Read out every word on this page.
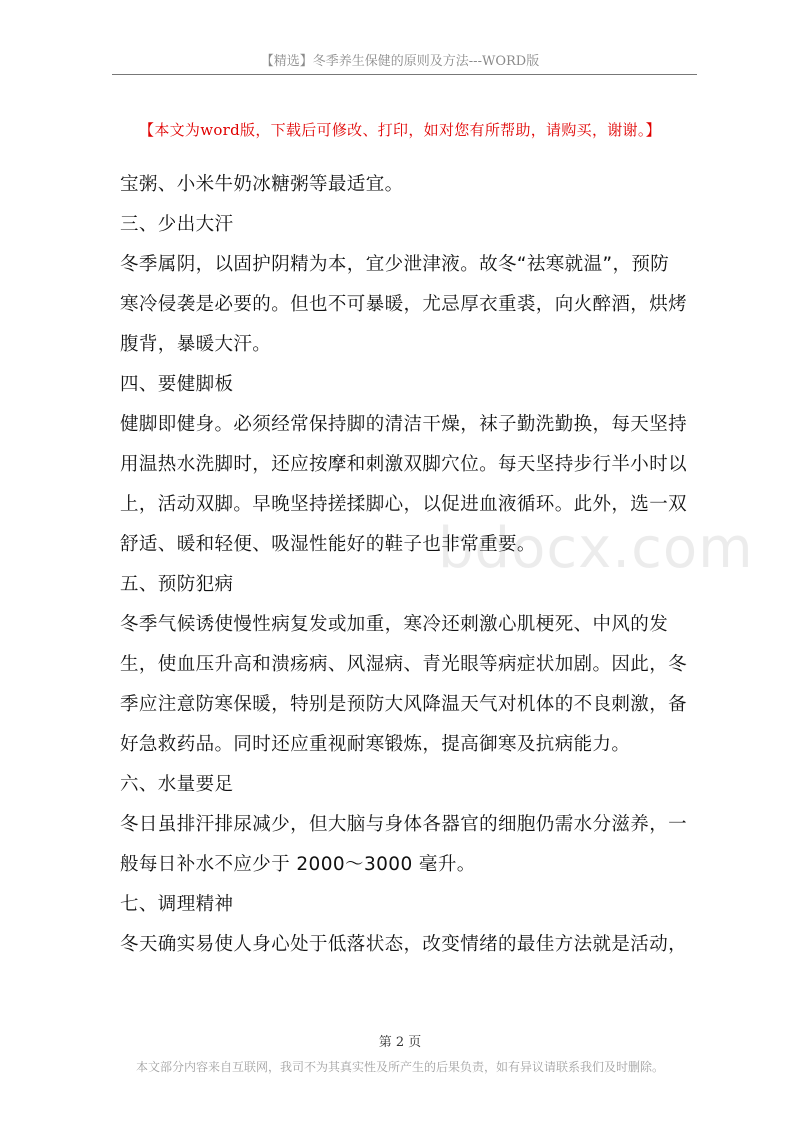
【精选】冬季养生保健的原则及方法---WORD版
【本文为word版，下载后可修改、打印，如对您有所帮助，请购买，谢谢。】

宝粥、小米牛奶冰糖粥等最适宜。

三、少出大汗

冬季属阴，以固护阴精为本，宜少泄津液。故冬“祛寒就温”，预防寒冷侵袭是必要的。但也不可暴暖，尤忌厚衣重裘，向火醉酒，烘烤腹背，暴暖大汗。

四、要健脚板

健脚即健身。必须经常保持脚的清洁干燥，袜子勤洗勤换，每天坚持用温热水洗脚时，还应按摩和刺激双脚穴位。每天坚持步行半小时以上，活动双脚。早晚坚持搓揉脚心，以促进血液循环。此外，选一双舒适、暖和轻便、吸湿性能好的鞋子也非常重要。

五、预防犯病

冬季气候诱使慢性病复发或加重，寒冷还刺激心肌梗死、中风的发生，使血压升高和溃疡病、风湿病、青光眼等病症状加剧。因此，冬季应注意防寒保暖，特别是预防大风降温天气对机体的不良刺激，备好急救药品。同时还应重视耐寒锻炼，提高御寒及抗病能力。

六、水量要足

冬日虽排汗排尿减少，但大脑与身体各器官的细胞仍需水分滋养，一般每日补水不应少于 2000～3000 毫升。

七、调理精神

冬天确实易使人身心处于低落状态，改变情绪的最佳方法就是活动，

bdocx.com
第 2 页
本文部分内容来自互联网，我司不为其真实性及所产生的后果负责，如有异议请联系我们及时删除。
